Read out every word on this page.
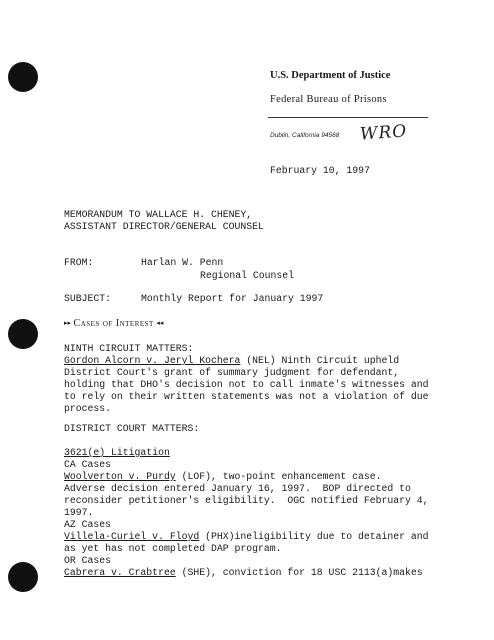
U.S. Department of Justice
Federal Bureau of Prisons
Dublin, California 94568 WRO
February 10, 1997
MEMORANDUM TO WALLACE H. CHENEY,
ASSISTANT DIRECTOR/GENERAL COUNSEL
FROM:	Harlan W. Penn
Regional Counsel
SUBJECT:	Monthly Report for January 1997
▸▸ Cases of Interest ◂◂
NINTH CIRCUIT MATTERS:
Gordon Alcorn v. Jeryl Kochera (NEL) Ninth Circuit upheld
District Court's grant of summary judgment for defendant,
holding that DHO's decision not to call inmate's witnesses and
to rely on their written statements was not a violation of due
process.
DISTRICT COURT MATTERS:
3621(e) Litigation
CA Cases
Woolverton v. Purdy (LOF), two-point enhancement case.
Adverse decision entered January 16, 1997.  BOP directed to
reconsider petitioner's eligibility.  OGC notified February 4,
1997.
AZ Cases
Villela-Curiel v. Floyd (PHX)ineligibility due to detainer and
as yet has not completed DAP program.
OR Cases
Cabrera v. Crabtree (SHE), conviction for 18 USC 2113(a)makes
